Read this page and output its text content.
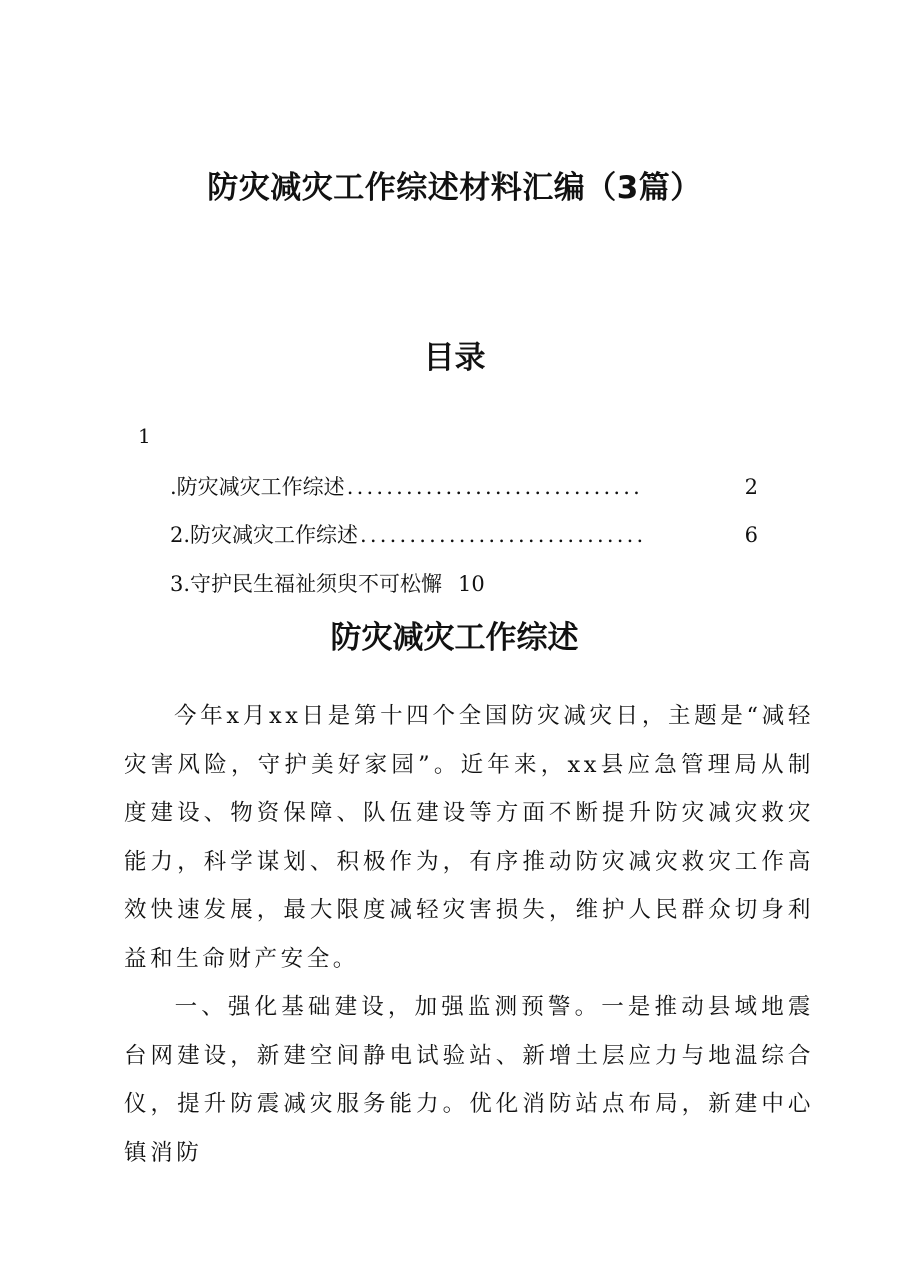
防灾减灾工作综述材料汇编（3篇）
目录
1
.防灾减灾工作综述 ..............................	2
2.防灾减灾工作综述 .............................	6
3.守护民生福祉须臾不可松懈 10
防灾减灾工作综述
今年x月xx日是第十四个全国防灾减灾日，主题是“减轻灾害风险，守护美好家园”。近年来，xx县应急管理局从制度建设、物资保障、队伍建设等方面不断提升防灾减灾救灾能力，科学谋划、积极作为，有序推动防灾减灾救灾工作高效快速发展，最大限度减轻灾害损失，维护人民群众切身利益和生命财产安全。
一、强化基础建设，加强监测预警。一是推动县域地震台网建设，新建空间静电试验站、新增土层应力与地温综合仪，提升防震减灾服务能力。优化消防站点布局，新建中心镇消防
